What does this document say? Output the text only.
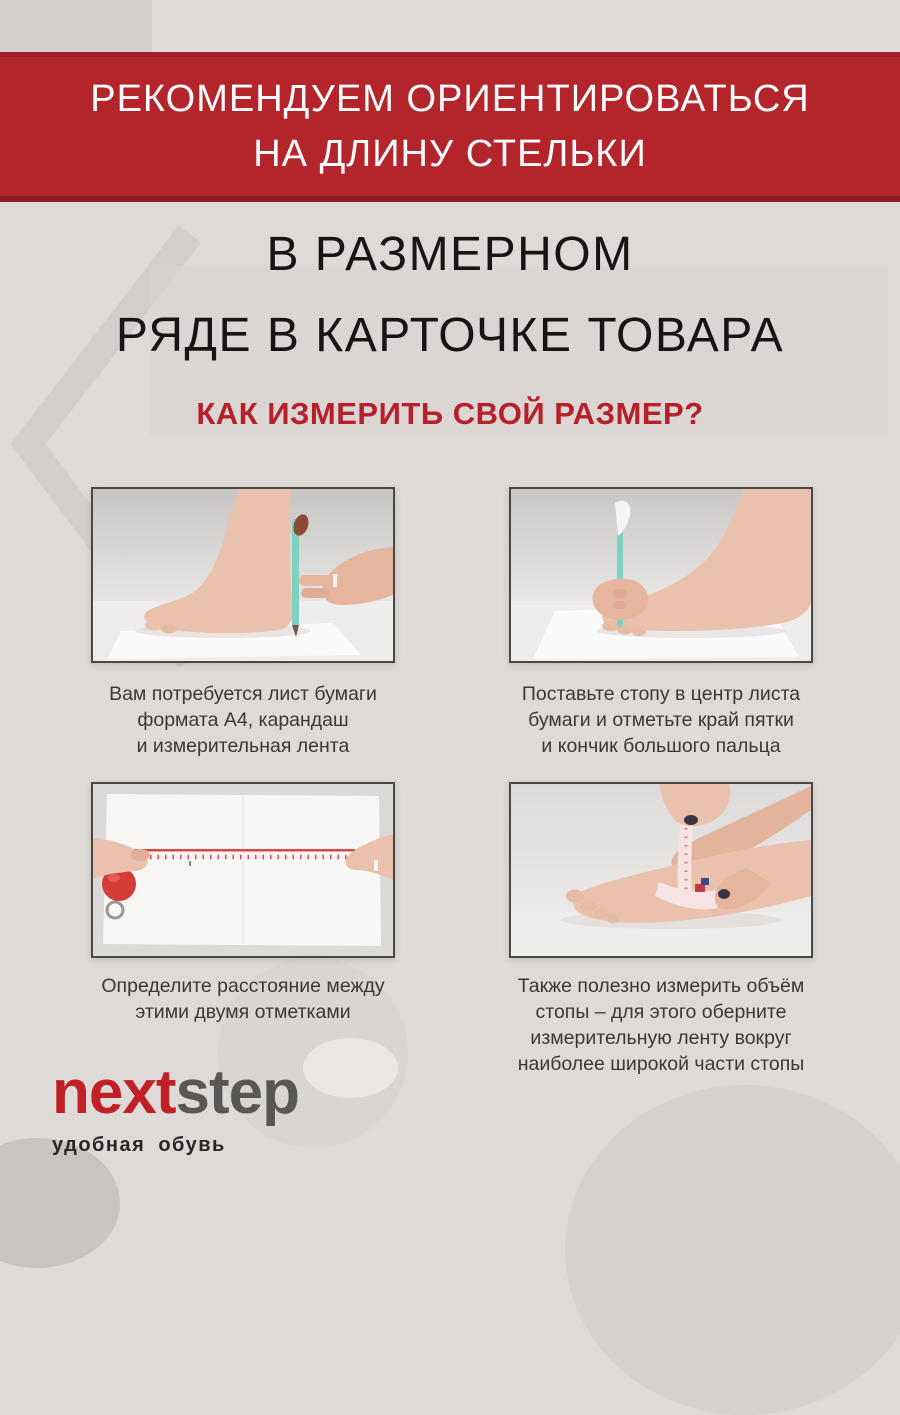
РЕКОМЕНДУЕМ ОРИЕНТИРОВАТЬСЯ
НА ДЛИНУ СТЕЛЬКИ
В РАЗМЕРНОМ
РЯДЕ В КАРТОЧКЕ ТОВАРА
КАК ИЗМЕРИТЬ СВОЙ РАЗМЕР?
Вам потребуется лист бумаги
формата А4, карандаш
и измерительная лента
Поставьте стопу в центр листа
бумаги и отметьте край пятки
и кончик большого пальца
Определите расстояние между
этими двумя отметками
Также полезно измерить объём
стопы – для этого оберните
измерительную ленту вокруг
наиболее широкой части стопы
nextstep
удобная обувь
